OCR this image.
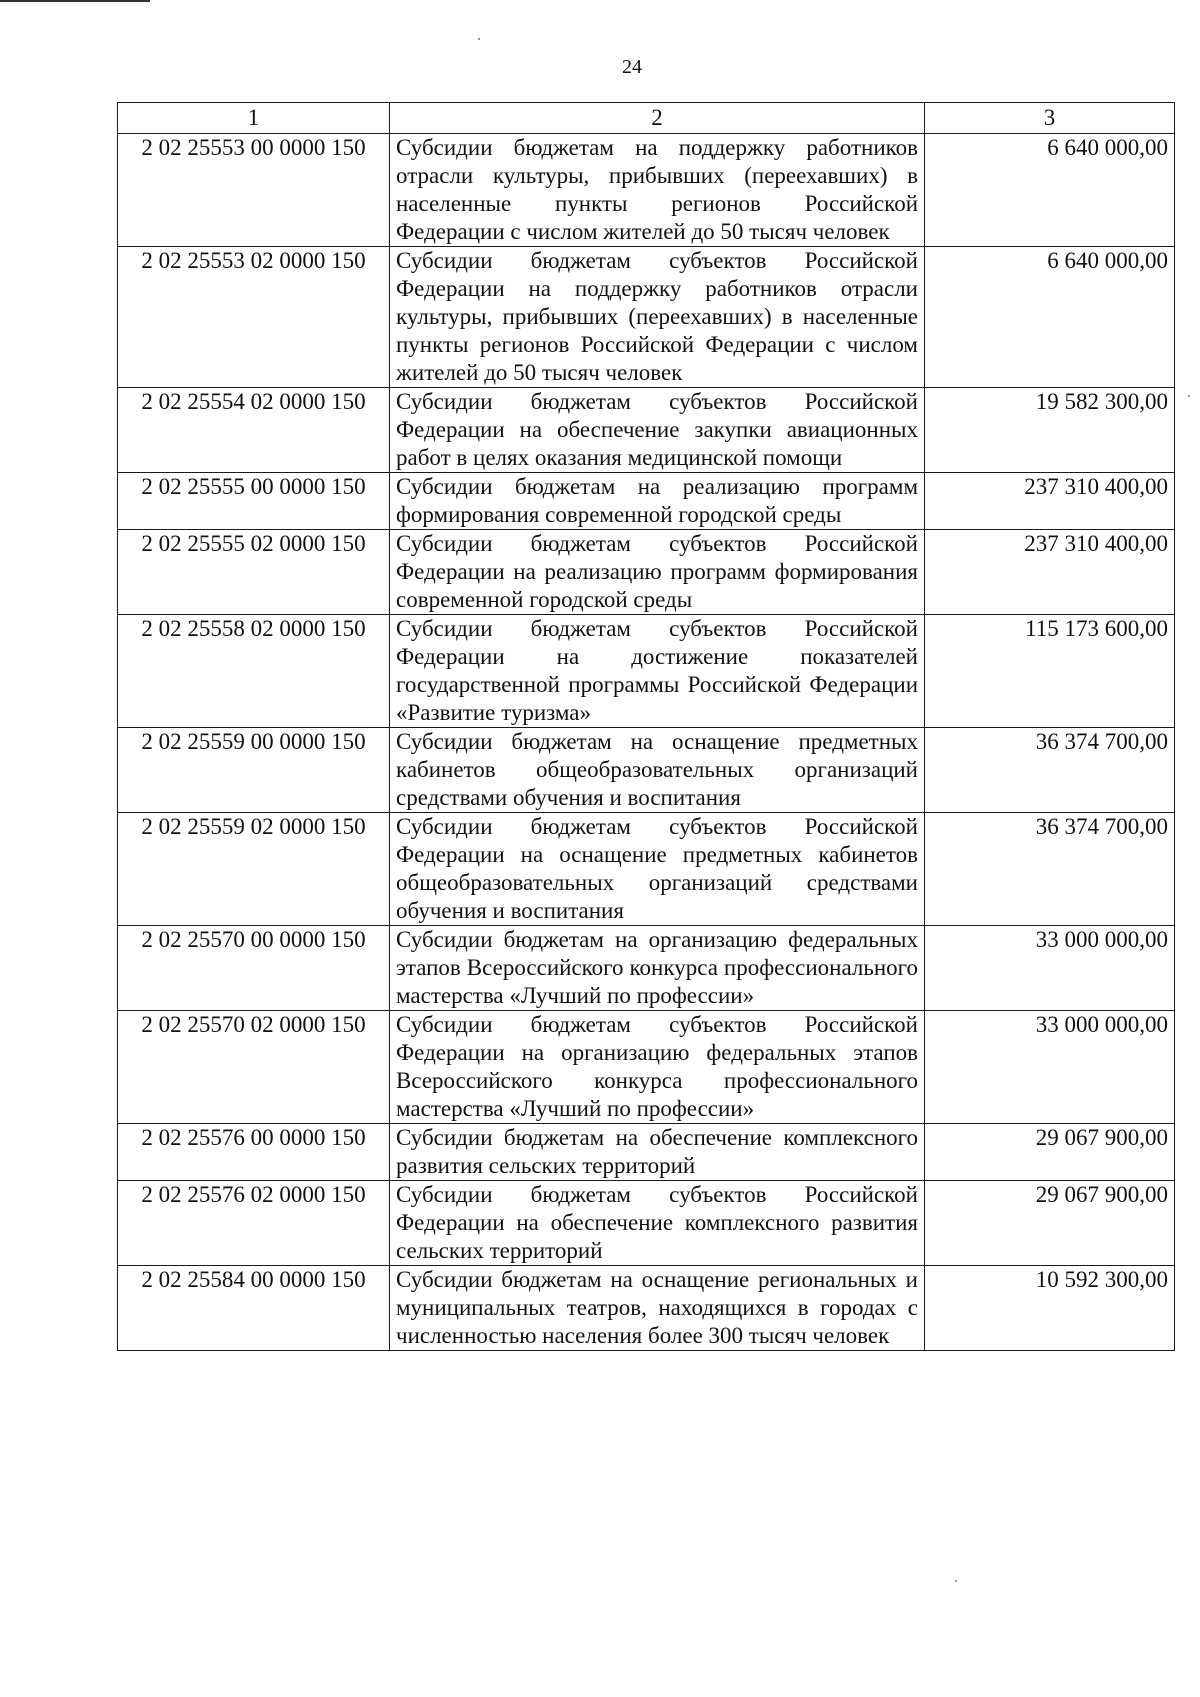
24
1	2	3
2 02 25553 00 0000 150	Субсидии бюджетам на поддержку работников отрасли культуры, прибывших (переехавших) в населенные пункты регионов Российской Федерации с числом жителей до 50 тысяч человек	6 640 000,00
2 02 25553 02 0000 150	Субсидии бюджетам субъектов Российской Федерации на поддержку работников отрасли культуры, прибывших (переехавших) в населенные пункты регионов Российской Федерации с числом жителей до 50 тысяч человек	6 640 000,00
2 02 25554 02 0000 150	Субсидии бюджетам субъектов Российской Федерации на обеспечение закупки авиационных работ в целях оказания медицинской помощи	19 582 300,00
2 02 25555 00 0000 150	Субсидии бюджетам на реализацию программ формирования современной городской среды	237 310 400,00
2 02 25555 02 0000 150	Субсидии бюджетам субъектов Российской Федерации на реализацию программ формирования современной городской среды	237 310 400,00
2 02 25558 02 0000 150	Субсидии бюджетам субъектов Российской Федерации на достижение показателей государственной программы Российской Федерации «Развитие туризма»	115 173 600,00
2 02 25559 00 0000 150	Субсидии бюджетам на оснащение предметных кабинетов общеобразовательных организаций средствами обучения и воспитания	36 374 700,00
2 02 25559 02 0000 150	Субсидии бюджетам субъектов Российской Федерации на оснащение предметных кабинетов общеобразовательных организаций средствами обучения и воспитания	36 374 700,00
2 02 25570 00 0000 150	Субсидии бюджетам на организацию федеральных этапов Всероссийского конкурса профессионального мастерства «Лучший по профессии»	33 000 000,00
2 02 25570 02 0000 150	Субсидии бюджетам субъектов Российской Федерации на организацию федеральных этапов Всероссийского конкурса профессионального мастерства «Лучший по профессии»	33 000 000,00
2 02 25576 00 0000 150	Субсидии бюджетам на обеспечение комплексного развития сельских территорий	29 067 900,00
2 02 25576 02 0000 150	Субсидии бюджетам субъектов Российской Федерации на обеспечение комплексного развития сельских территорий	29 067 900,00
2 02 25584 00 0000 150	Субсидии бюджетам на оснащение региональных и муниципальных театров, находящихся в городах с численностью населения более 300 тысяч человек	10 592 300,00
